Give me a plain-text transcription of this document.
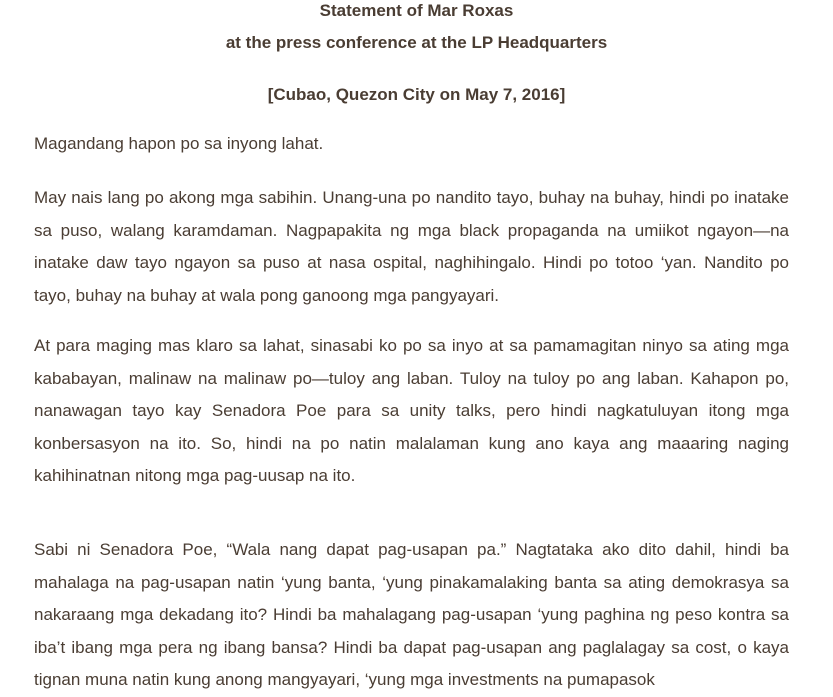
Statement of Mar Roxas

at the press conference at the LP Headquarters

[Cubao, Quezon City on May 7, 2016]

Magandang hapon po sa inyong lahat.

May nais lang po akong mga sabihin. Unang-una po nandito tayo, buhay na buhay, hindi po inatake sa puso, walang karamdaman. Nagpapakita ng mga black propaganda na umiikot ngayon—na inatake daw tayo ngayon sa puso at nasa ospital, naghihingalo. Hindi po totoo ‘yan. Nandito po tayo, buhay na buhay at wala pong ganoong mga pangyayari.

At para maging mas klaro sa lahat, sinasabi ko po sa inyo at sa pamamagitan ninyo sa ating mga kababayan, malinaw na malinaw po—tuloy ang laban. Tuloy na tuloy po ang laban. Kahapon po, nanawagan tayo kay Senadora Poe para sa unity talks, pero hindi nagkatuluyan itong mga konbersasyon na ito. So, hindi na po natin malalaman kung ano kaya ang maaaring naging kahihinatnan nitong mga pag-uusap na ito.

Sabi ni Senadora Poe, “Wala nang dapat pag-usapan pa.” Nagtataka ako dito dahil, hindi ba mahalaga na pag-usapan natin ‘yung banta, ‘yung pinakamalaking banta sa ating demokrasya sa nakaraang mga dekadang ito? Hindi ba mahalagang pag-usapan ‘yung paghina ng peso kontra sa iba’t ibang mga pera ng ibang bansa? Hindi ba dapat pag-usapan ang paglalagay sa cost, o kaya tignan muna natin kung anong mangyayari, ‘yung mga investments na pumapasok
